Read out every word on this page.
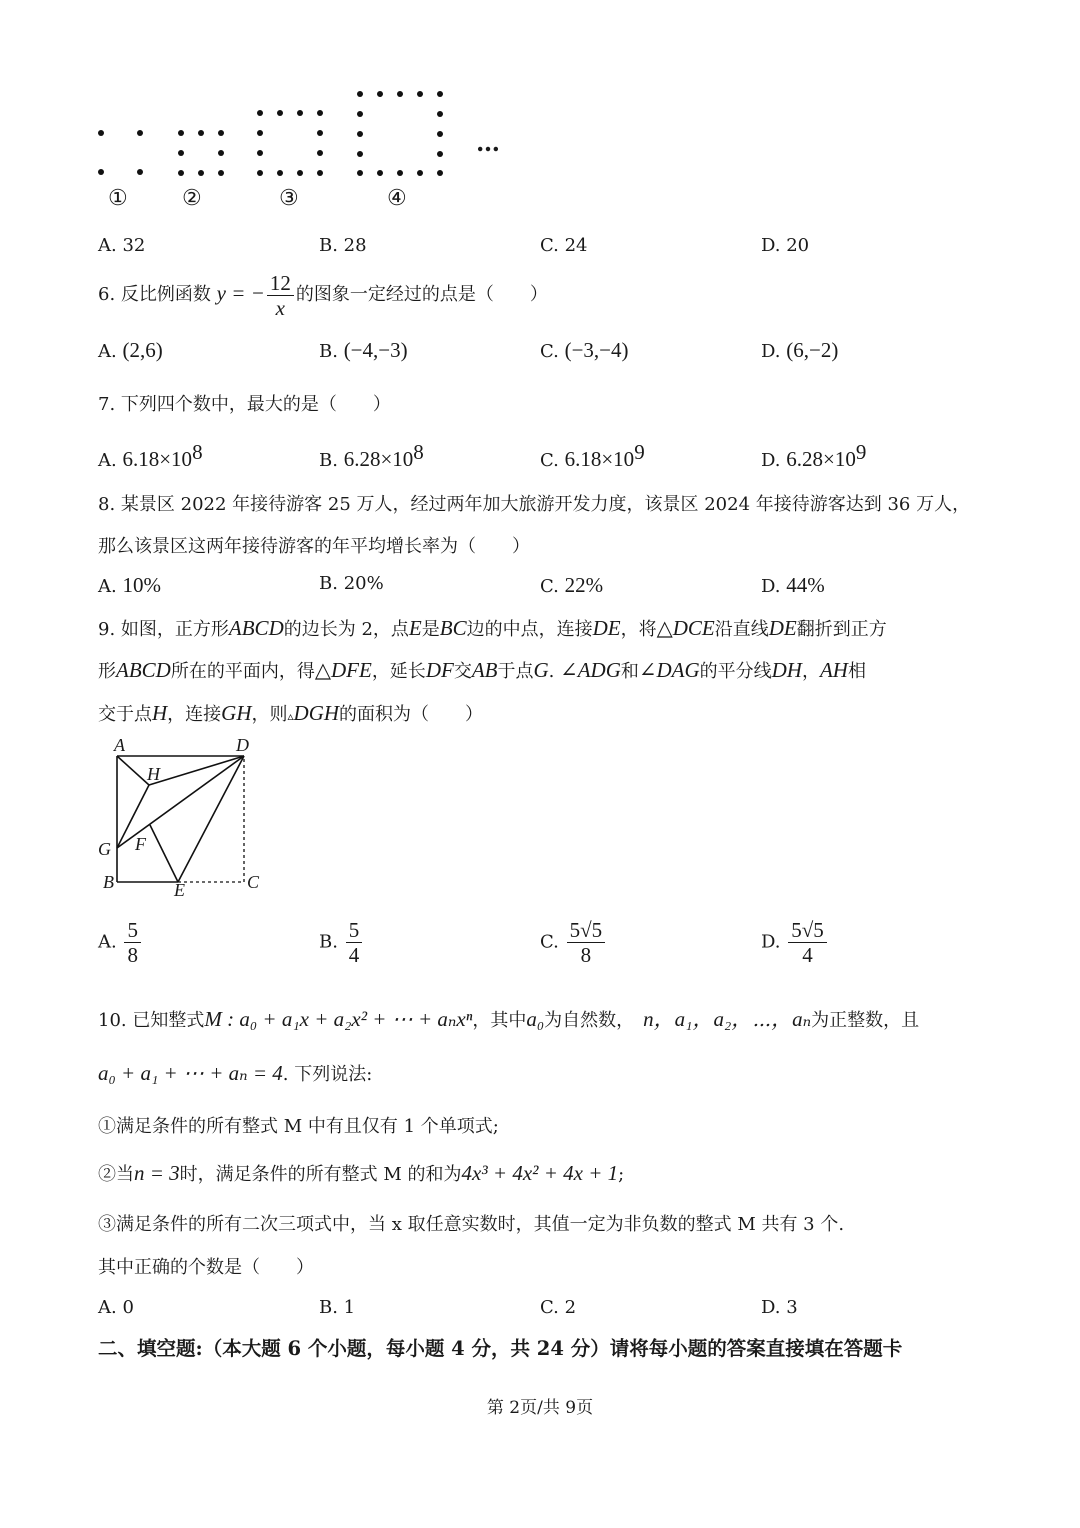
…
① ②	③	④
A. 32	B. 28	C. 24	D. 20
6. 反比例函数 y = − $\frac{12}{x}$ 的图象一定经过的点是（　　）
A. (2,6)	B. (−4,−3)	C. (−3,−4)	D. (6,−2)
7. 下列四个数中，最大的是（　　）
A. $6.18\times 10^8$	B. $6.28\times 10^8$	C. $6.18\times 10^9$	D. $6.28\times 10^9$
8. 某景区 2022 年接待游客 25 万人，经过两年加大旅游开发力度，该景区 2024 年接待游客达到 36 万人，
那么该景区这两年接待游客的年平均增长率为（　　）
A. 10%	B. 20%	C. 22%	D. 44%
9. 如图，正方形ABCD的边长为 2，点E是BC边的中点，连接DE，将△DCE沿直线DE翻折到正方
形ABCD所在的平面内，得△DFE，延长DF交AB于点G. ∠ADG和∠DAG的平分线DH，AH相
交于点H，连接GH，则▵DGH的面积为（　　）
A	D
H
G F
B	E	C
A. $\frac{5}{8}$	B. $\frac{5}{4}$	C. $\frac{5√5}{8}$	D. $\frac{5√5}{4}$
10. 已知整式M : a₀ + a₁x + a₂x² + ⋯ + aₙxⁿ，其中a₀为自然数，  n，a₁，a₂，⋯，aₙ为正整数，且
a₀ + a₁ + ⋯ + aₙ = 4. 下列说法:
①满足条件的所有整式 M 中有且仅有 1 个单项式;
②当n = 3时，满足条件的所有整式 M 的和为4x³ + 4x² + 4x + 1;
③满足条件的所有二次三项式中，当 x 取任意实数时，其值一定为非负数的整式 M 共有 3 个.
其中正确的个数是（　　）
A. 0	B. 1	C. 2	D. 3
二、填空题:（本大题 6 个小题，每小题 4 分，共 24 分）请将每小题的答案直接填在答题卡
第 2页/共 9页
